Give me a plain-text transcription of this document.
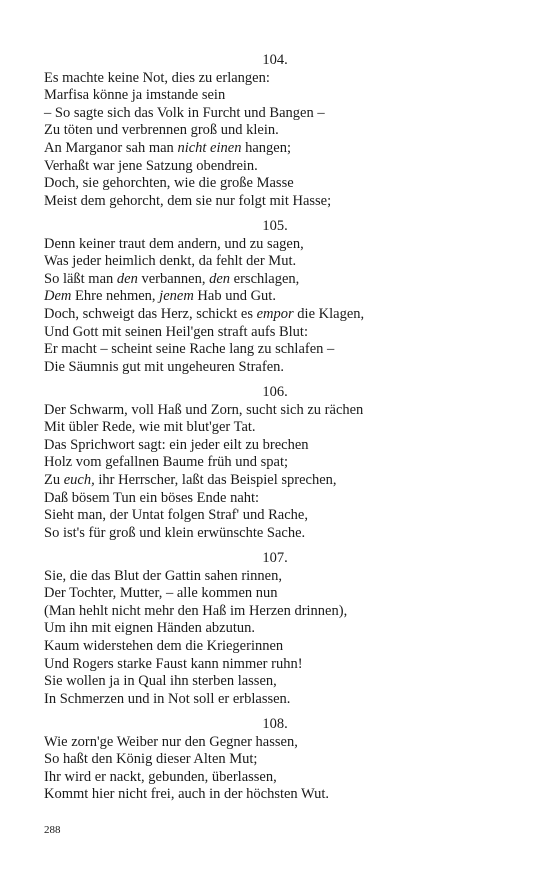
104.
Es machte keine Not, dies zu erlangen:
Marfisa könne ja imstande sein
– So sagte sich das Volk in Furcht und Bangen –
Zu töten und verbrennen groß und klein.
An Marganor sah man nicht einen hangen;
Verhaßt war jene Satzung obendrein.
Doch, sie gehorchten, wie die große Masse
Meist dem gehorcht, dem sie nur folgt mit Hasse;
105.
Denn keiner traut dem andern, und zu sagen,
Was jeder heimlich denkt, da fehlt der Mut.
So läßt man den verbannen, den erschlagen,
Dem Ehre nehmen, jenem Hab und Gut.
Doch, schweigt das Herz, schickt es empor die Klagen,
Und Gott mit seinen Heil'gen straft aufs Blut:
Er macht – scheint seine Rache lang zu schlafen –
Die Säumnis gut mit ungeheuren Strafen.
106.
Der Schwarm, voll Haß und Zorn, sucht sich zu rächen
Mit übler Rede, wie mit blut'ger Tat.
Das Sprichwort sagt: ein jeder eilt zu brechen
Holz vom gefallnen Baume früh und spat;
Zu euch, ihr Herrscher, laßt das Beispiel sprechen,
Daß bösem Tun ein böses Ende naht:
Sieht man, der Untat folgen Straf' und Rache,
So ist's für groß und klein erwünschte Sache.
107.
Sie, die das Blut der Gattin sahen rinnen,
Der Tochter, Mutter, – alle kommen nun
(Man hehlt nicht mehr den Haß im Herzen drinnen),
Um ihn mit eignen Händen abzutun.
Kaum widerstehen dem die Kriegerinnen
Und Rogers starke Faust kann nimmer ruhn!
Sie wollen ja in Qual ihn sterben lassen,
In Schmerzen und in Not soll er erblassen.
108.
Wie zorn'ge Weiber nur den Gegner hassen,
So haßt den König dieser Alten Mut;
Ihr wird er nackt, gebunden, überlassen,
Kommt hier nicht frei, auch in der höchsten Wut.
288
